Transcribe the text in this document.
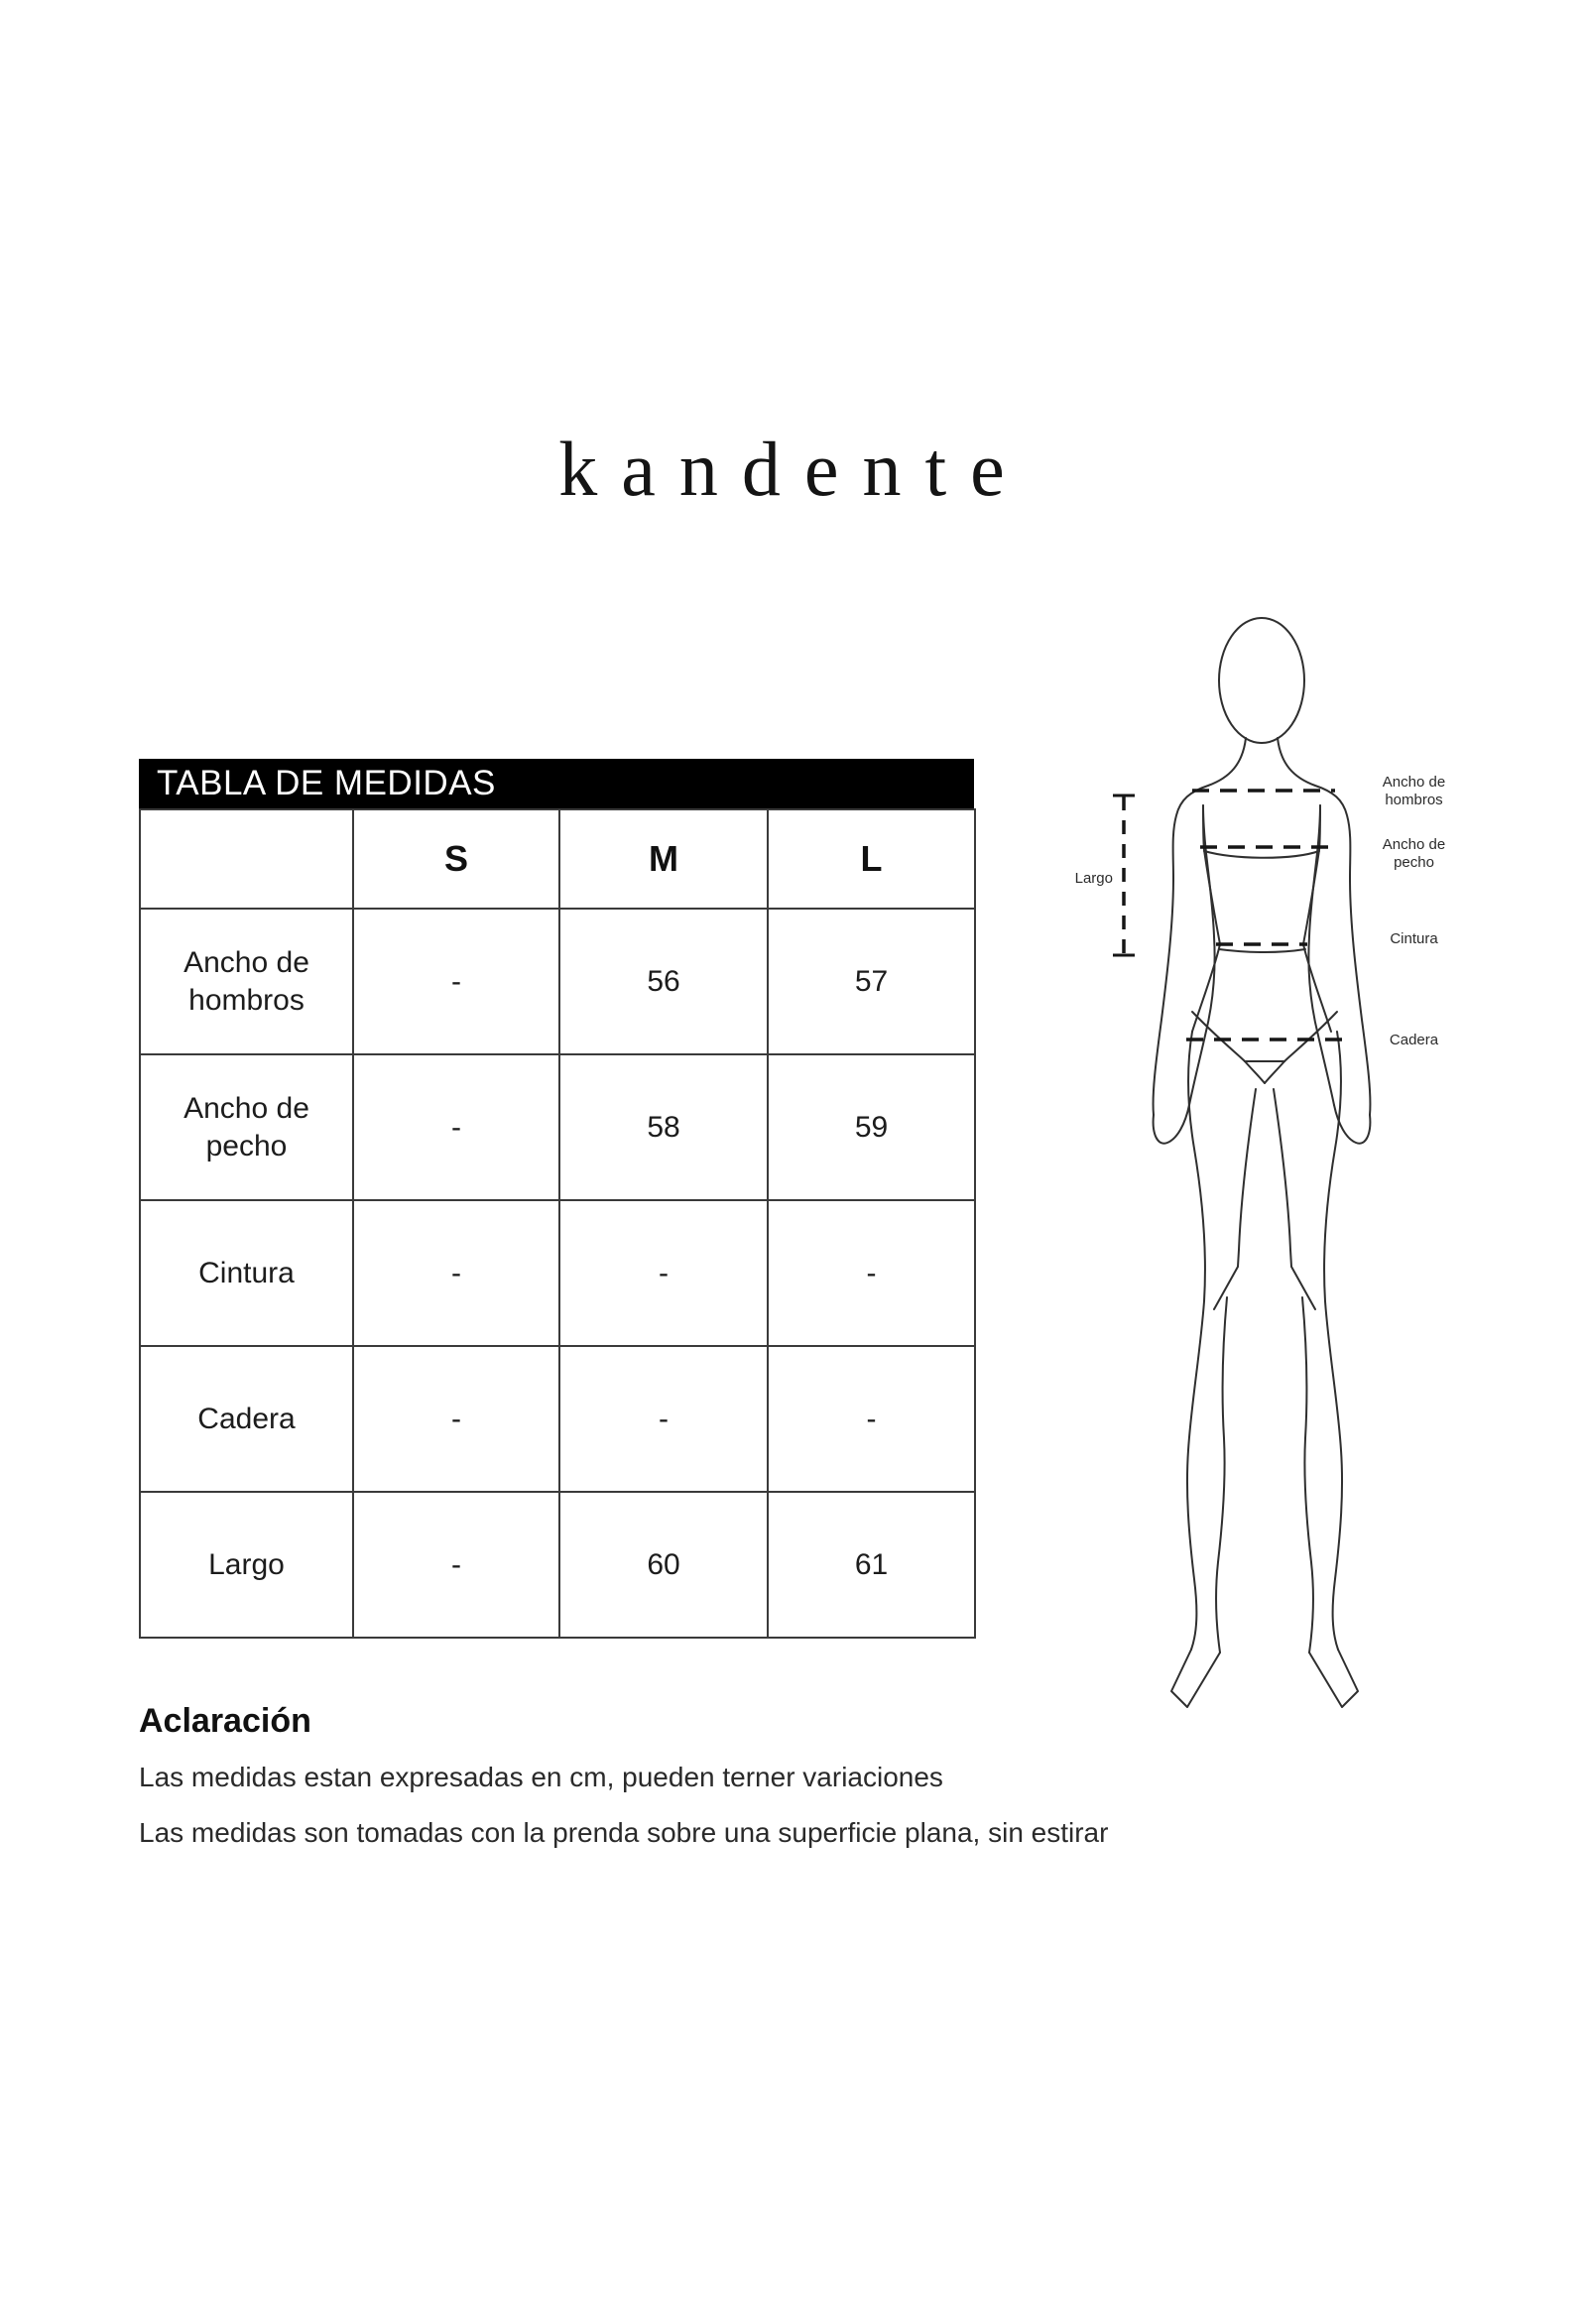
kandente
TABLA DE MEDIDAS
	S	M	L
Ancho de hombros	-	56	57
Ancho de pecho	-	58	59
Cintura	-	-	-
Cadera	-	-	-
Largo	-	60	61
Ancho de hombros
Ancho de pecho
Cintura
Cadera
Largo
Aclaración
Las medidas estan expresadas en cm, pueden terner variaciones
Las medidas son tomadas con la prenda sobre una superficie plana, sin estirar
